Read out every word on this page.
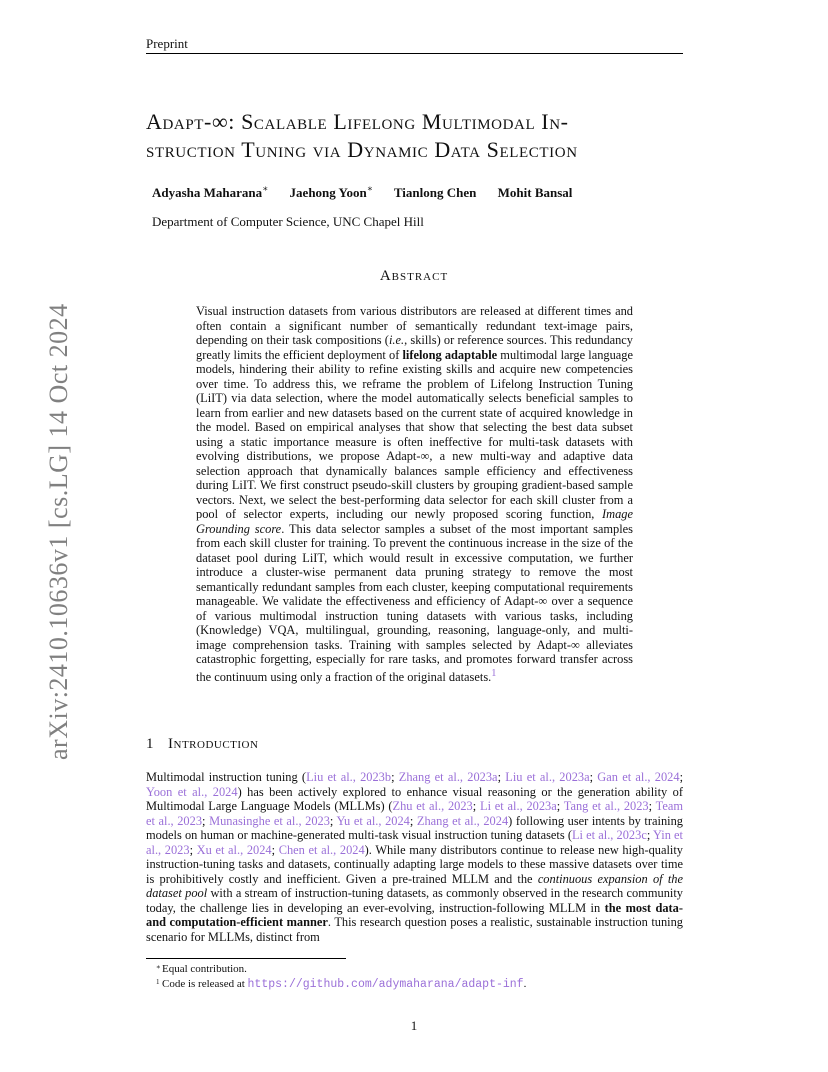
Preprint
Adapt-∞: Scalable Lifelong Multimodal In-
struction Tuning via Dynamic Data Selection
Adyasha Maharana∗ Jaehong Yoon∗ Tianlong Chen Mohit Bansal
Department of Computer Science, UNC Chapel Hill
Abstract

Visual instruction datasets from various distributors are released at different times and often contain a significant number of semantically redundant text-image pairs, depending on their task compositions (i.e., skills) or reference sources. This redundancy greatly limits the efficient deployment of lifelong adaptable multimodal large language models, hindering their ability to refine existing skills and acquire new competencies over time. To address this, we reframe the problem of Lifelong Instruction Tuning (LiIT) via data selection, where the model automatically selects beneficial samples to learn from earlier and new datasets based on the current state of acquired knowledge in the model. Based on empirical analyses that show that selecting the best data subset using a static importance measure is often ineffective for multi-task datasets with evolving distributions, we propose Adapt-∞, a new multi-way and adaptive data selection approach that dynamically balances sample efficiency and effectiveness during LiIT. We first construct pseudo-skill clusters by grouping gradient-based sample vectors. Next, we select the best-performing data selector for each skill cluster from a pool of selector experts, including our newly proposed scoring function, Image Grounding score. This data selector samples a subset of the most important samples from each skill cluster for training. To prevent the continuous increase in the size of the dataset pool during LiIT, which would result in excessive computation, we further introduce a cluster-wise permanent data pruning strategy to remove the most semantically redundant samples from each cluster, keeping computational requirements manageable. We validate the effectiveness and efficiency of Adapt-∞ over a sequence of various multimodal instruction tuning datasets with various tasks, including (Knowledge) VQA, multilingual, grounding, reasoning, language-only, and multi-image comprehension tasks. Training with samples selected by Adapt-∞ alleviates catastrophic forgetting, especially for rare tasks, and promotes forward transfer across the continuum using only a fraction of the original datasets.$^1$

arXiv:2410.10636v1 [cs.LG] 14 Oct 2024	1 Introduction

Multimodal instruction tuning (Liu et al., 2023b; Zhang et al., 2023a; Liu et al., 2023a; Gan et al., 2024; Yoon et al., 2024) has been actively explored to enhance visual reasoning or the generation ability of Multimodal Large Language Models (MLLMs) (Zhu et al., 2023; Li et al., 2023a; Tang et al., 2023; Team et al., 2023; Munasinghe et al., 2023; Yu et al., 2024; Zhang et al., 2024) following user intents by training models on human or machine-generated multi-task visual instruction tuning datasets (Li et al., 2023c; Yin et al., 2023; Xu et al., 2024; Chen et al., 2024). While many distributors continue to release new high-quality instruction-tuning tasks and datasets, continually adapting large models to these massive datasets over time is prohibitively costly and inefficient. Given a pre-trained MLLM and the continuous expansion of the dataset pool with a stream of instruction-tuning datasets, as commonly observed in the research community today, the challenge lies in developing an ever-evolving, instruction-following MLLM in the most data- and computation-efficient manner. This research question poses a realistic, sustainable instruction tuning scenario for MLLMs, distinct from

∗ Equal contribution.
1 Code is released at https://github.com/adymaharana/adapt-inf.
1
